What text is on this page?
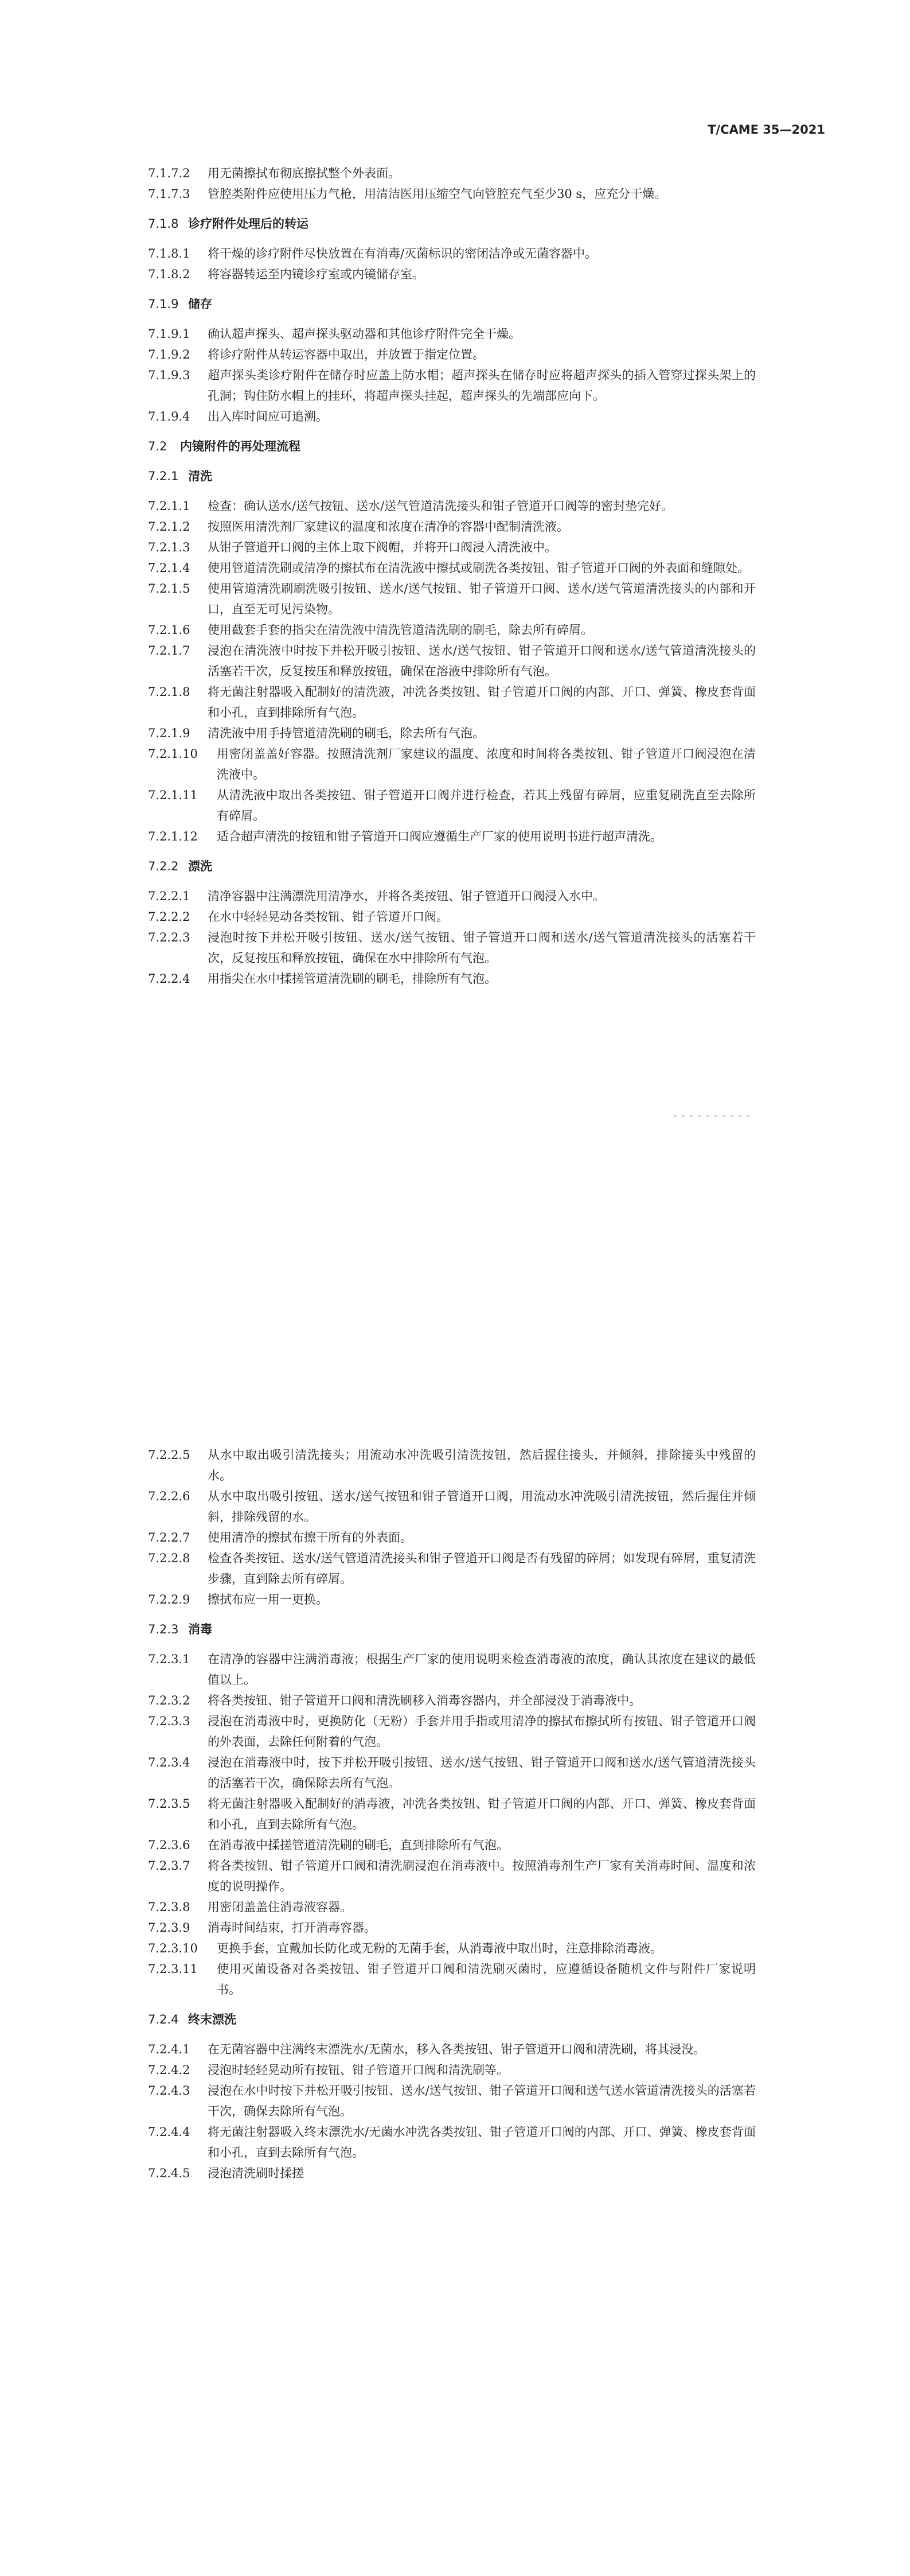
T/CAME 35—2021

7.1.7.2 用无菌擦拭布彻底擦拭整个外表面。

7.1.7.3 管腔类附件应使用压力气枪，用清洁医用压缩空气向管腔充气至少30 s，应充分干燥。

7.1.8 诊疗附件处理后的转运

7.1.8.1 将干燥的诊疗附件尽快放置在有消毒/灭菌标识的密闭洁净或无菌容器中。

7.1.8.2 将容器转运至内镜诊疗室或内镜储存室。

7.1.9 储存

7.1.9.1 确认超声探头、超声探头驱动器和其他诊疗附件完全干燥。

7.1.9.2 将诊疗附件从转运容器中取出，并放置于指定位置。

7.1.9.3 超声探头类诊疗附件在储存时应盖上防水帽；超声探头在储存时应将超声探头的插入管穿过探头架上的孔洞；钩住防水帽上的挂环，将超声探头挂起，超声探头的先端部应向下。

7.1.9.4 出入库时间应可追溯。

7.2 内镜附件的再处理流程

7.2.1 清洗

7.2.1.1 检查：确认送水/送气按钮、送水/送气管道清洗接头和钳子管道开口阀等的密封垫完好。

7.2.1.2 按照医用清洗剂厂家建议的温度和浓度在清净的容器中配制清洗液。

7.2.1.3 从钳子管道开口阀的主体上取下阀帽，并将开口阀浸入清洗液中。

7.2.1.4 使用管道清洗刷或清净的擦拭布在清洗液中擦拭或刷洗各类按钮、钳子管道开口阀的外表面和缝隙处。

7.2.1.5 使用管道清洗刷刷洗吸引按钮、送水/送气按钮、钳子管道开口阀、送水/送气管道清洗接头的内部和开口，直至无可见污染物。

7.2.1.6 使用截套手套的指尖在清洗液中清洗管道清洗刷的刷毛，除去所有碎屑。

7.2.1.7 浸泡在清洗液中时按下并松开吸引按钮、送水/送气按钮、钳子管道开口阀和送水/送气管道清洗接头的活塞若干次，反复按压和释放按钮，确保在溶液中排除所有气泡。

7.2.1.8 将无菌注射器吸入配制好的清洗液，冲洗各类按钮、钳子管道开口阀的内部、开口、弹簧、橡皮套背面和小孔，直到排除所有气泡。

7.2.1.9 清洗液中用手持管道清洗刷的刷毛，除去所有气泡。

7.2.1.10 用密闭盖盖好容器。按照清洗剂厂家建议的温度、浓度和时间将各类按钮、钳子管道开口阀浸泡在清洗液中。

7.2.1.11 从清洗液中取出各类按钮、钳子管道开口阀并进行检查，若其上残留有碎屑，应重复刷洗直至去除所有碎屑。

7.2.1.12 适合超声清洗的按钮和钳子管道开口阀应遵循生产厂家的使用说明书进行超声清洗。

7.2.2 漂洗

7.2.2.1 清净容器中注满漂洗用清净水，并将各类按钮、钳子管道开口阀浸入水中。

7.2.2.2 在水中轻轻晃动各类按钮、钳子管道开口阀。

7.2.2.3 浸泡时按下并松开吸引按钮、送水/送气按钮、钳子管道开口阀和送水/送气管道清洗接头的活塞若干次，反复按压和释放按钮，确保在水中排除所有气泡。

7.2.2.4 用指尖在水中揉搓管道清洗刷的刷毛，排除所有气泡。

7.2.2.5 从水中取出吸引清洗接头；用流动水冲洗吸引清洗按钮，然后握住接头，并倾斜，排除接头中残留的水。

7.2.2.6 从水中取出吸引按钮、送水/送气按钮和钳子管道开口阀，用流动水冲洗吸引清洗按钮，然后握住并倾斜，排除残留的水。

7.2.2.7 使用清净的擦拭布擦干所有的外表面。

7.2.2.8 检查各类按钮、送水/送气管道清洗接头和钳子管道开口阀是否有残留的碎屑；如发现有碎屑，重复清洗步骤，直到除去所有碎屑。

7.2.2.9 擦拭布应一用一更换。

7.2.3 消毒

7.2.3.1 在清净的容器中注满消毒液；根据生产厂家的使用说明来检查消毒液的浓度，确认其浓度在建议的最低值以上。

7.2.3.2 将各类按钮、钳子管道开口阀和清洗刷移入消毒容器内，并全部浸没于消毒液中。

7.2.3.3 浸泡在消毒液中时，更换防化（无粉）手套并用手指或用清净的擦拭布擦拭所有按钮、钳子管道开口阀的外表面，去除任何附着的气泡。

7.2.3.4 浸泡在消毒液中时，按下并松开吸引按钮、送水/送气按钮、钳子管道开口阀和送水/送气管道清洗接头的活塞若干次，确保除去所有气泡。

7.2.3.5 将无菌注射器吸入配制好的消毒液，冲洗各类按钮、钳子管道开口阀的内部、开口、弹簧、橡皮套背面和小孔，直到去除所有气泡。

7.2.3.6 在消毒液中揉搓管道清洗刷的刷毛，直到排除所有气泡。

7.2.3.7 将各类按钮、钳子管道开口阀和清洗刷浸泡在消毒液中。按照消毒剂生产厂家有关消毒时间、温度和浓度的说明操作。

7.2.3.8 用密闭盖盖住消毒液容器。

7.2.3.9 消毒时间结束，打开消毒容器。

7.2.3.10 更换手套，宜戴加长防化或无粉的无菌手套，从消毒液中取出时，注意排除消毒液。

7.2.3.11 使用灭菌设备对各类按钮、钳子管道开口阀和清洗刷灭菌时，应遵循设备随机文件与附件厂家说明书。

7.2.4 终末漂洗

7.2.4.1 在无菌容器中注满终末漂洗水/无菌水，移入各类按钮、钳子管道开口阀和清洗刷，将其浸没。

7.2.4.2 浸泡时轻轻晃动所有按钮、钳子管道开口阀和清洗刷等。

7.2.4.3 浸泡在水中时按下并松开吸引按钮、送水/送气按钮、钳子管道开口阀和送气送水管道清洗接头的活塞若干次，确保去除所有气泡。

7.2.4.4 将无菌注射器吸入终末漂洗水/无菌水冲洗各类按钮、钳子管道开口阀的内部、开口、弹簧、橡皮套背面和小孔，直到去除所有气泡。

7.2.4.5 浸泡清洗刷时揉搓
